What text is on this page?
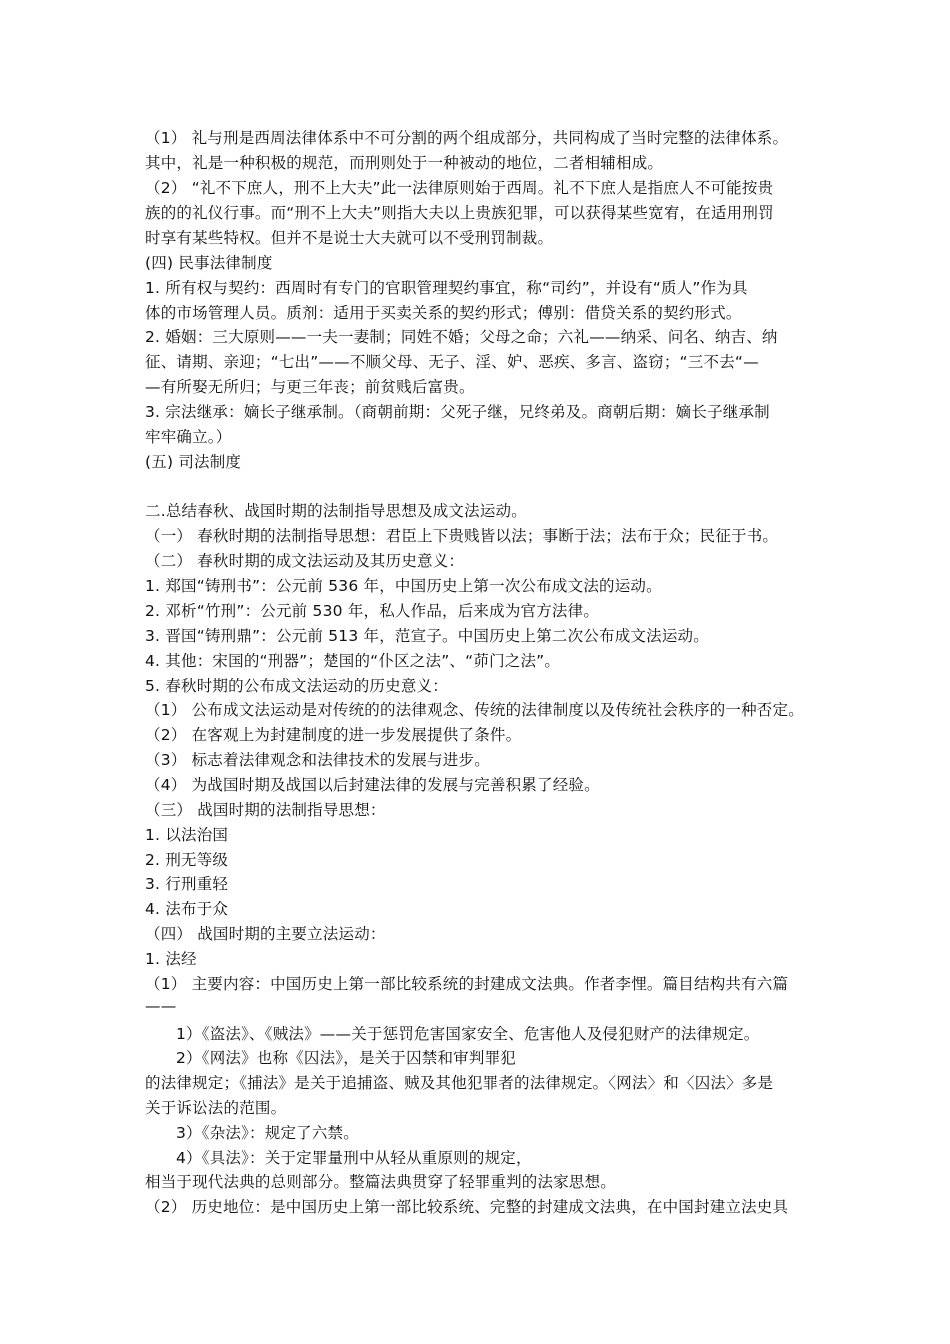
（1） 礼与刑是西周法律体系中不可分割的两个组成部分，共同构成了当时完整的法律体系。
其中，礼是一种积极的规范，而刑则处于一种被动的地位，二者相辅相成。
（2） “礼不下庶人，刑不上大夫”此一法律原则始于西周。礼不下庶人是指庶人不可能按贵
族的的礼仪行事。而“刑不上大夫”则指大夫以上贵族犯罪，可以获得某些宽宥，在适用刑罚
时享有某些特权。但并不是说士大夫就可以不受刑罚制裁。
(四) 民事法律制度
1. 所有权与契约：西周时有专门的官职管理契约事宜，称“司约”，并设有“质人”作为具
体的市场管理人员。质剂：适用于买卖关系的契约形式；傅别：借贷关系的契约形式。
2. 婚姻：三大原则——一夫一妻制；同姓不婚；父母之命；六礼——纳采、问名、纳吉、纳
征、请期、亲迎；“七出”——不顺父母、无子、淫、妒、恶疾、多言、盗窃；“三不去“—
—有所娶无所归；与更三年丧；前贫贱后富贵。
3. 宗法继承：嫡长子继承制。（商朝前期：父死子继，兄终弟及。商朝后期：嫡长子继承制
牢牢确立。）
(五) 司法制度
二.总结春秋、战国时期的法制指导思想及成文法运动。
（一） 春秋时期的法制指导思想：君臣上下贵贱皆以法；事断于法；法布于众；民征于书。
（二） 春秋时期的成文法运动及其历史意义：
1. 郑国“铸刑书”：公元前 536 年，中国历史上第一次公布成文法的运动。
2. 邓析“竹刑”：公元前 530 年，私人作品，后来成为官方法律。
3. 晋国“铸刑鼎”：公元前 513 年，范宣子。中国历史上第二次公布成文法运动。
4. 其他：宋国的“刑器”；楚国的“仆区之法”、“茆门之法”。
5. 春秋时期的公布成文法运动的历史意义：
（1） 公布成文法运动是对传统的的法律观念、传统的法律制度以及传统社会秩序的一种否定。
（2） 在客观上为封建制度的进一步发展提供了条件。
（3） 标志着法律观念和法律技术的发展与进步。
（4） 为战国时期及战国以后封建法律的发展与完善积累了经验。
（三） 战国时期的法制指导思想：
1. 以法治国
2. 刑无等级
3. 行刑重轻
4. 法布于众
（四） 战国时期的主要立法运动：
1. 法经
（1） 主要内容：中国历史上第一部比较系统的封建成文法典。作者李悝。篇目结构共有六篇
——
1）《盗法》、《贼法》——关于惩罚危害国家安全、危害他人及侵犯财产的法律规定。
2）《网法》也称《囚法》，是关于囚禁和审判罪犯
的法律规定；《捕法》是关于追捕盗、贼及其他犯罪者的法律规定。〈网法〉和〈囚法〉多是
关于诉讼法的范围。
3）《杂法》：规定了六禁。
4）《具法》：关于定罪量刑中从轻从重原则的规定，
相当于现代法典的总则部分。整篇法典贯穿了轻罪重判的法家思想。
（2） 历史地位：是中国历史上第一部比较系统、完整的封建成文法典，在中国封建立法史具
